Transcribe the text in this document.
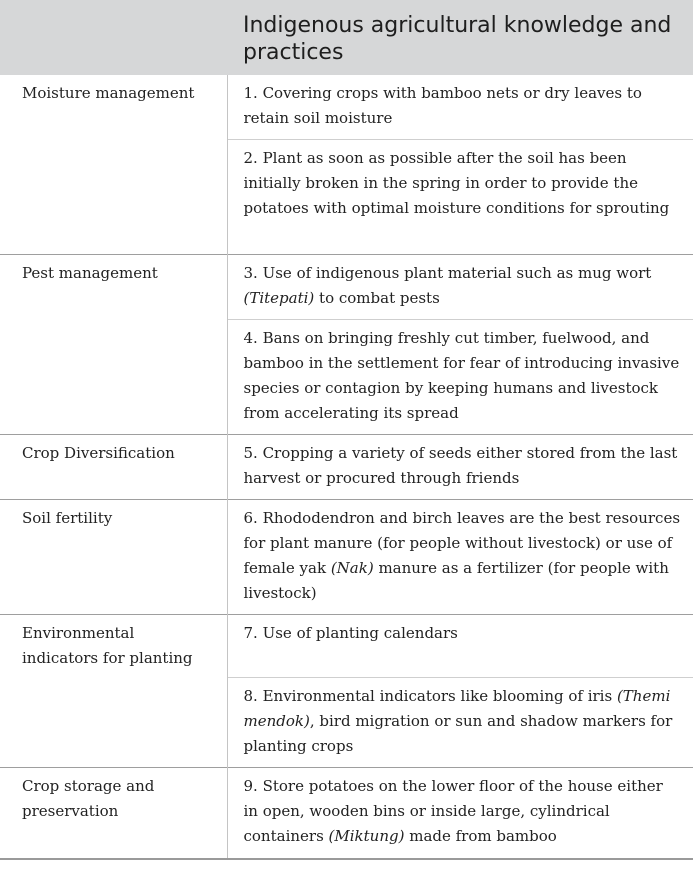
	Indigenous agricultural knowledge and practices
Moisture management	1. Covering crops with bamboo nets or dry leaves to retain soil moisture
	2. Plant as soon as possible after the soil has been initially broken in the spring in order to provide the potatoes with optimal moisture conditions for sprouting
Pest management	3. Use of indigenous plant material such as mug wort (Titepati) to combat pests
	4. Bans on bringing freshly cut timber, fuelwood, and bamboo in the settlement for fear of introducing invasive species or contagion by keeping humans and livestock from accelerating its spread
Crop Diversification	5. Cropping a variety of seeds either stored from the last harvest or procured through friends
Soil fertility	6. Rhododendron and birch leaves are the best resources for plant manure (for people without livestock) or use of female yak (Nak) manure as a fertilizer (for people with livestock)
Environmental indicators for planting	7. Use of planting calendars
	8. Environmental indicators like blooming of iris (Themi mendok), bird migration or sun and shadow markers for planting crops
Crop storage and preservation	9. Store potatoes on the lower floor of the house either in open, wooden bins or inside large, cylindrical containers (Miktung) made from bamboo
